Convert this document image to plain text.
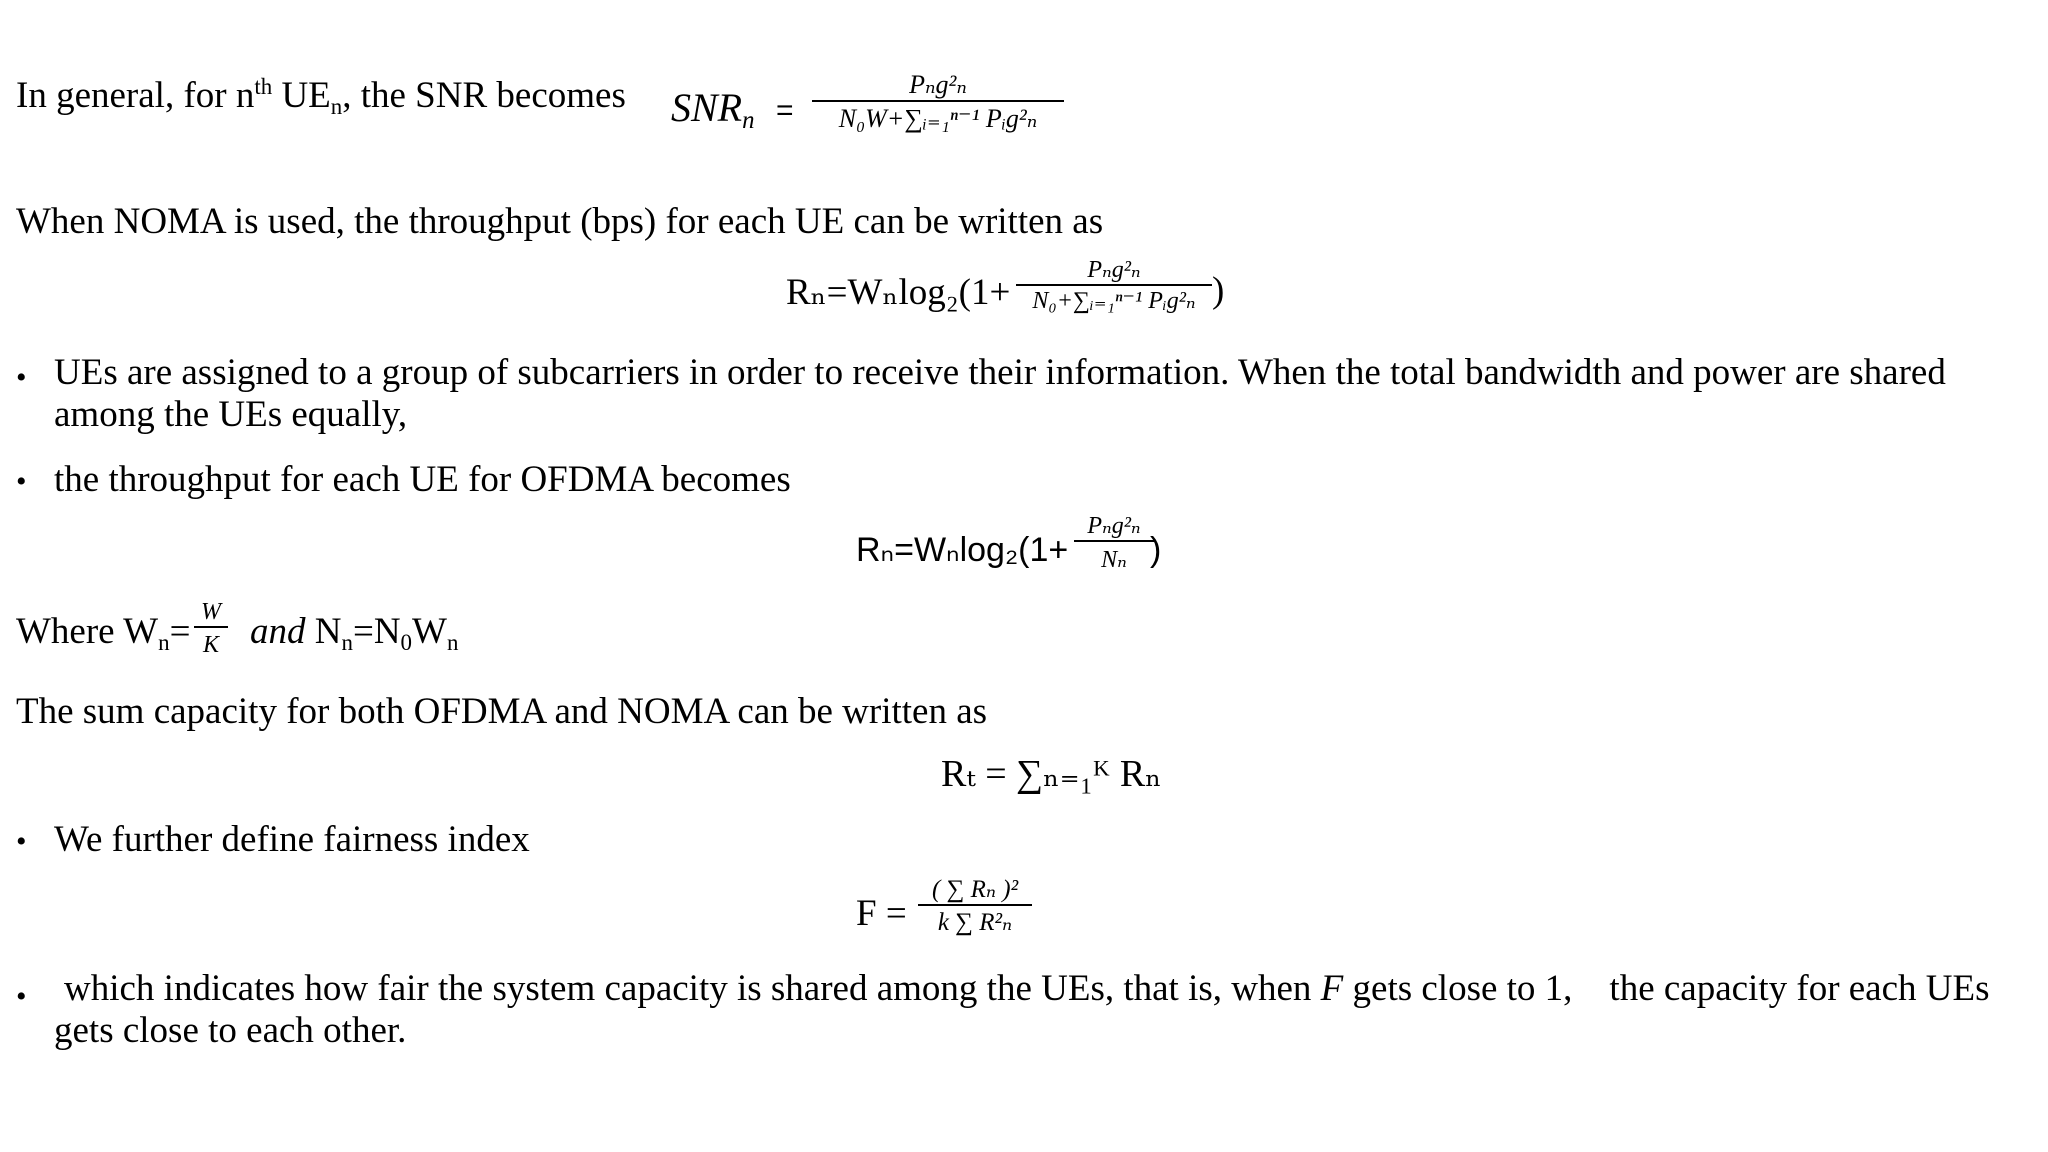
In general, for $n^{th}$ $UE_n$, the SNR becomes $SNR_n$ =
Pₙg²ₙ
N₀W+∑ᵢ₌₁ⁿ⁻¹ Pᵢg²ₙ
When NOMA is used, the throughput (bps) for each UE can be written as
Rₙ=Wₙlog₂(1+
Pₙg²ₙ
N₀+∑ᵢ₌₁ⁿ⁻¹ Pᵢg²ₙ )
• UEs are assigned to a group of subcarriers in order to receive their information. When the total bandwidth and power are shared among the UEs equally,
• the throughput for each UE for OFDMA becomes
Rₙ=Wₙlog₂(1+
Pₙg²ₙ
Nₙ )
Where $W_n= W$
K and $N_n=N_0W_n$
The sum capacity for both OFDMA and NOMA can be written as
Rₜ = ∑ₙ₌₁ᴷ Rₙ
• We further define fairness index
F =
( ∑ Rₙ )²
k ∑ R²ₙ
• which indicates how fair the system capacity is shared among the UEs, that is, when F gets close to 1,    the capacity for each UEs gets close to each other.
